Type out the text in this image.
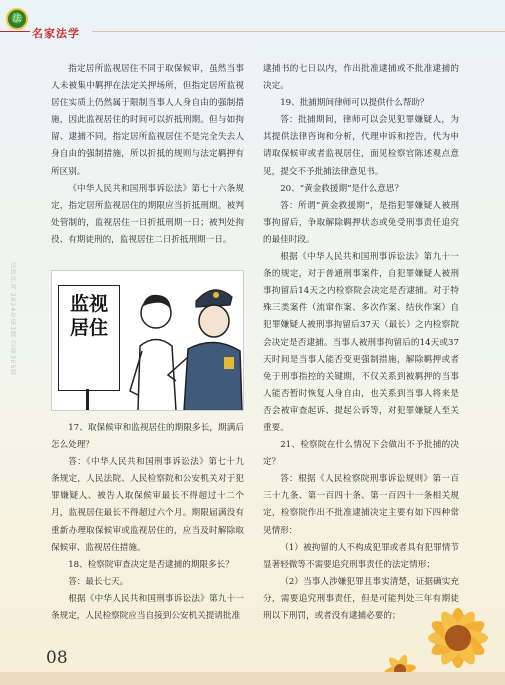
法
名家法学
法律咨询 2024年第3期 总第305期

指定居所监视居住不同于取保候审，虽然当事人未被集中羁押在法定关押场所，但指定居所监视居住实质上仍然属于限制当事人人身自由的强制措施，因此监视居住的时间可以折抵刑期。但与如拘留、逮捕不同，指定居所监视居住不是完全失去人身自由的强制措施，所以折抵的规则与法定羁押有所区别。

《中华人民共和国刑事诉讼法》第七十六条规定，指定居所监视居住的期限应当折抵刑期。被判处管制的，监视居住一日折抵刑期一日；被判处拘役、有期徒刑的，监视居住二日折抵刑期一日。

监视
居住

17、取保候审和监视居住的期限多长，期满后怎么处理？

答：《中华人民共和国刑事诉讼法》第七十九条规定，人民法院、人民检察院和公安机关对于犯罪嫌疑人、被告人取保候审最长不得超过十二个月，监视居住最长不得超过六个月。期限届满没有重新办理取保候审或监视居住的，应当及时解除取保候审、监视居住措施。

18、检察院审查决定是否逮捕的期限多长？

答：最长七天。

根据《中华人民共和国刑事诉讼法》第九十一条规定，人民检察院应当自接到公安机关提请批准

逮捕书的七日以内，作出批准逮捕或不批准逮捕的决定。

19、批捕期间律师可以提供什么帮助？

答：批捕期间，律师可以会见犯罪嫌疑人，为其提供法律咨询和分析，代理申诉和控告，代为申请取保候审或者监视居住，面见检察官陈述观点意见，提交不予批捕法律意见书。

20、“黄金救援期”是什么意思？

答：所谓“黄金救援期”，是指犯罪嫌疑人被刑事拘留后，争取解除羁押状态或免受刑事责任追究的最佳时段。

根据《中华人民共和国刑事诉讼法》第九十一条的规定，对于普通刑事案件，自犯罪嫌疑人被刑事拘留后14天之内检察院会决定是否逮捕。对于特殊三类案件（流窜作案、多次作案、结伙作案）自犯罪嫌疑人被刑事拘留后37天（最长）之内检察院会决定是否逮捕。当事人被刑事拘留后的14天或37天时间是当事人能否变更强制措施，解除羁押或者免于刑事指控的关键期，不仅关系到被羁押的当事人能否暂时恢复人身自由，也关系到当事人将来是否会被审查起诉、提起公诉等，对犯罪嫌疑人至关重要。

21、检察院在什么情况下会做出不予批捕的决定？

答：根据《人民检察院刑事诉讼规则》第一百三十九条、第一百四十条、第一百四十一条相关规定，检察院作出不批准逮捕决定主要有如下四种常见情形：

（1）被拘留的人不构成犯罪或者具有犯罪情节显著轻微等不需要追究刑事责任的法定情形；

（2）当事人涉嫌犯罪且事实清楚，证据确实充分，需要追究刑事责任，但是可能判处三年有期徒刑以下刑罚，或者没有逮捕必要的；

08
